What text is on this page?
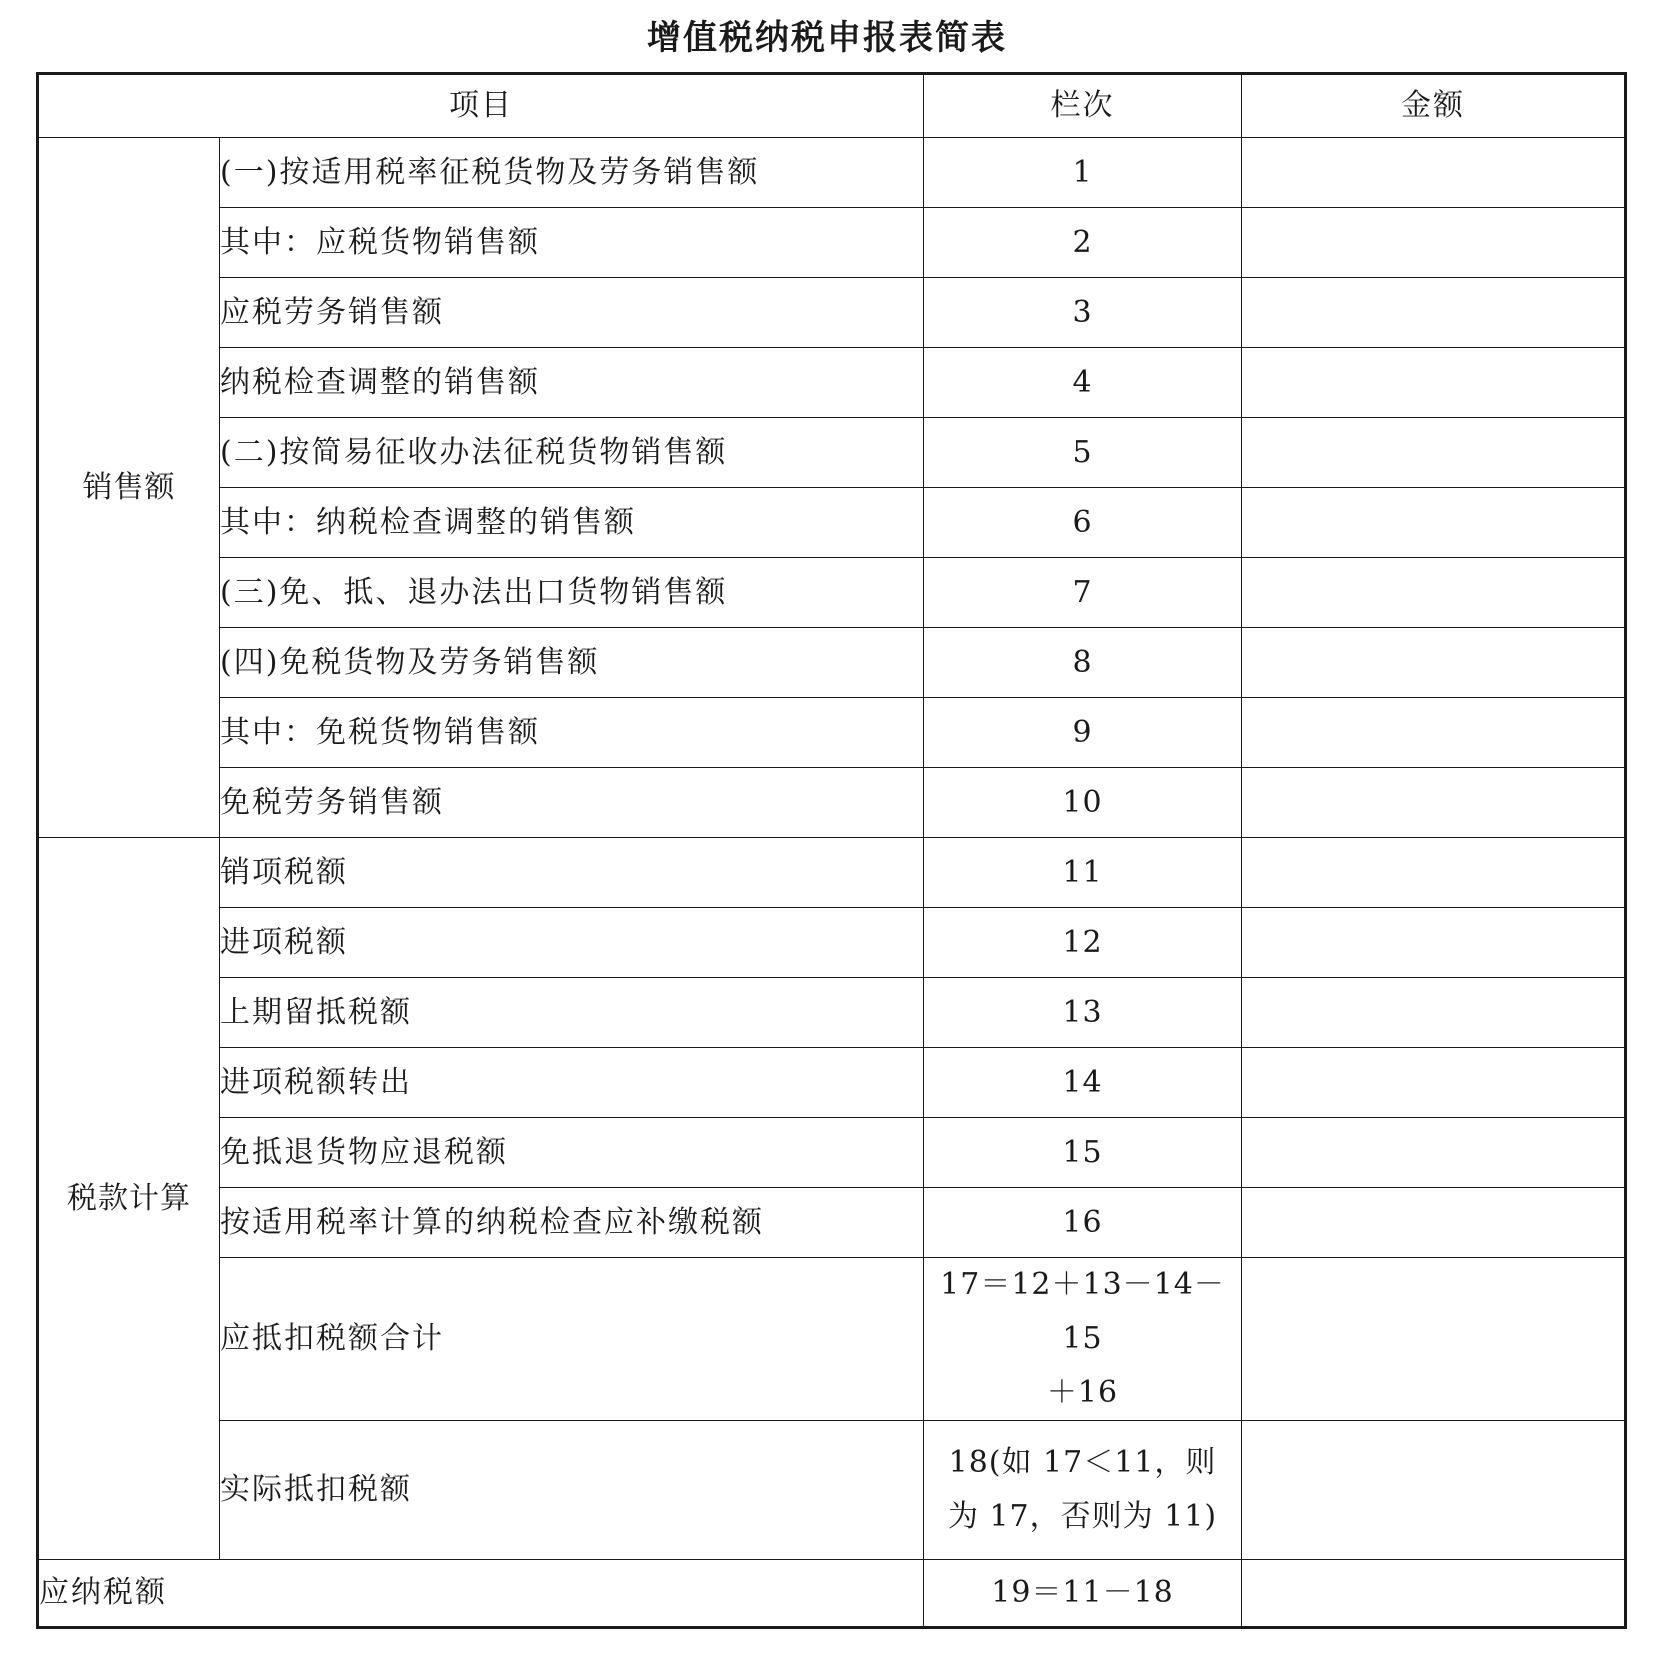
增值税纳税申报表简表
项目		栏次	金额
销售额	(一)按适用税率征税货物及劳务销售额	1	
	其中：应税货物销售额	2	
	应税劳务销售额	3	
	纳税检查调整的销售额	4	
	(二)按简易征收办法征税货物销售额	5	
	其中：纳税检查调整的销售额	6	
	(三)免、抵、退办法出口货物销售额	7	
	(四)免税货物及劳务销售额	8	
	其中：免税货物销售额	9	
	免税劳务销售额	10	
税款计算	销项税额	11	
	进项税额	12	
	上期留抵税额	13	
	进项税额转出	14	
	免抵退货物应退税额	15	
	按适用税率计算的纳税检查应补缴税额	16	
	应抵扣税额合计	17＝12＋13－14－15
＋16	

	实际抵扣税额	18(如 17＜11，则
为 17，否则为 11)	

应纳税额		19＝11－18	
